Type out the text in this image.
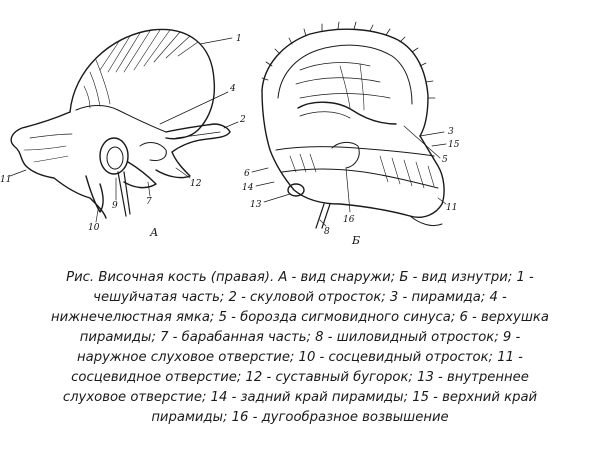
1
4
2
11	12
7
9
10	А
3
15
5
6
14
13
16
8
11
Б
Рис. Височная кость (правая). А - вид снаружи; Б - вид изнутри; 1 -
чешуйчатая часть; 2 - скуловой отросток; 3 - пирамида; 4 -
нижнечелюстная ямка; 5 - борозда сигмовидного синуса; 6 - верхушка
пирамиды; 7 - барабанная часть; 8 - шиловидный отросток; 9 -
наружное слуховое отверстие; 10 - сосцевидный отросток; 11 -
сосцевидное отверстие; 12 - суставный бугорок; 13 - внутреннее
слуховое отверстие; 14 - задний край пирамиды; 15 - верхний край
пирамиды; 16 - дугообразное возвышение
